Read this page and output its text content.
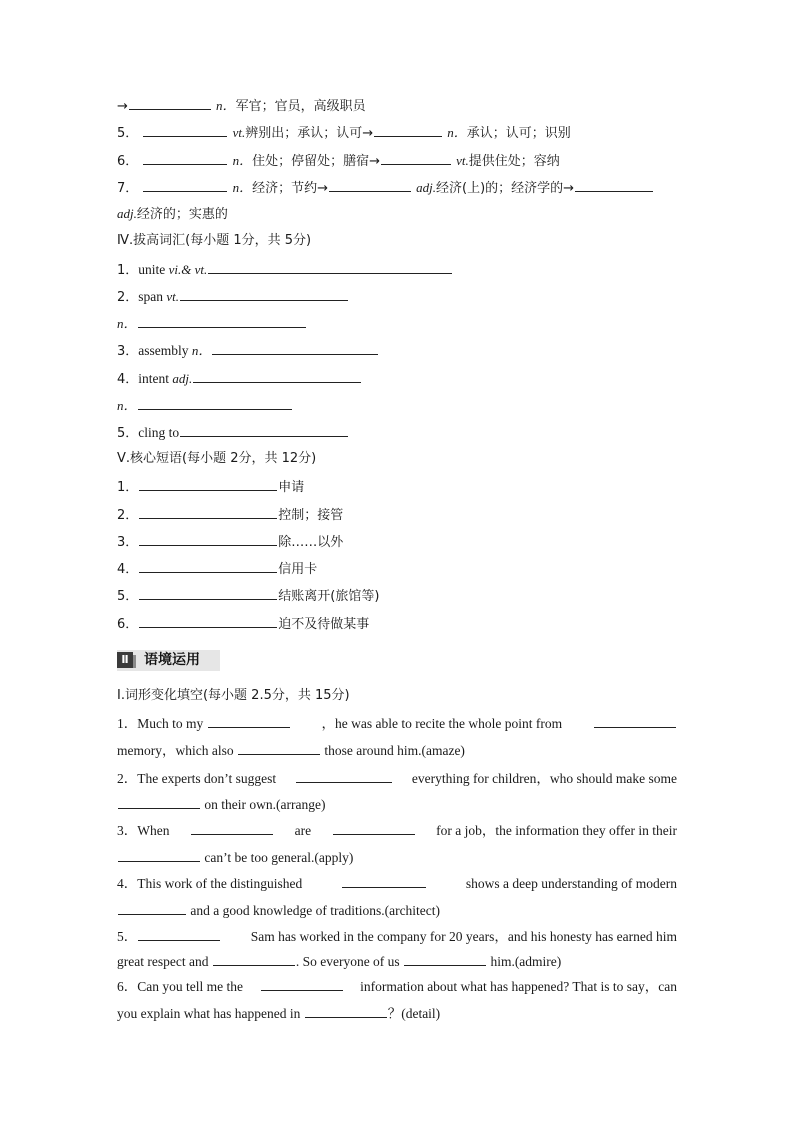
→	n．军官；官员，高级职员
5．	vt.辨别出；承认；认可→	n．承认；认可；识别
6．	n．住处；停留处；膳宿→	vt.提供住处；容纳
7．	n．经济；节约→	adj.经济(上)的；经济学的→
adj.经济的；实惠的
Ⅳ.拔高词汇(每小题 1分，共 5分)
1．unite vi.& vt.
2．span vt.
n．
3．assembly n．
4．intent adj.
n．
5．cling to
Ⅴ.核心短语(每小题 2分，共 12分)
1．	申请
2．	控制；接管
3．	除……以外
4．	信用卡
5．	结账离开(旅馆等)
6．	迫不及待做某事
Ⅱ	语境运用
Ⅰ.词形变化填空(每小题 2.5分，共 15分)
1．Much to my	，he was able to recite the whole point from
memory，which also	those around him.(amaze)
2．The experts don’t suggest	everything for children，who should make some
on their own.(arrange)
3．When	are	for a job，the information they offer in their
can’t be too general.(apply)
4．This work of the distinguished	shows a deep understanding of modern
and a good knowledge of traditions.(architect)
5．	Sam has worked in the company for 20 years，and his honesty has earned him
great respect and	. So everyone of us	him.(admire)
6．Can you tell me the	information about what has happened? That is to say，can
you explain what has happened in	？(detail)
